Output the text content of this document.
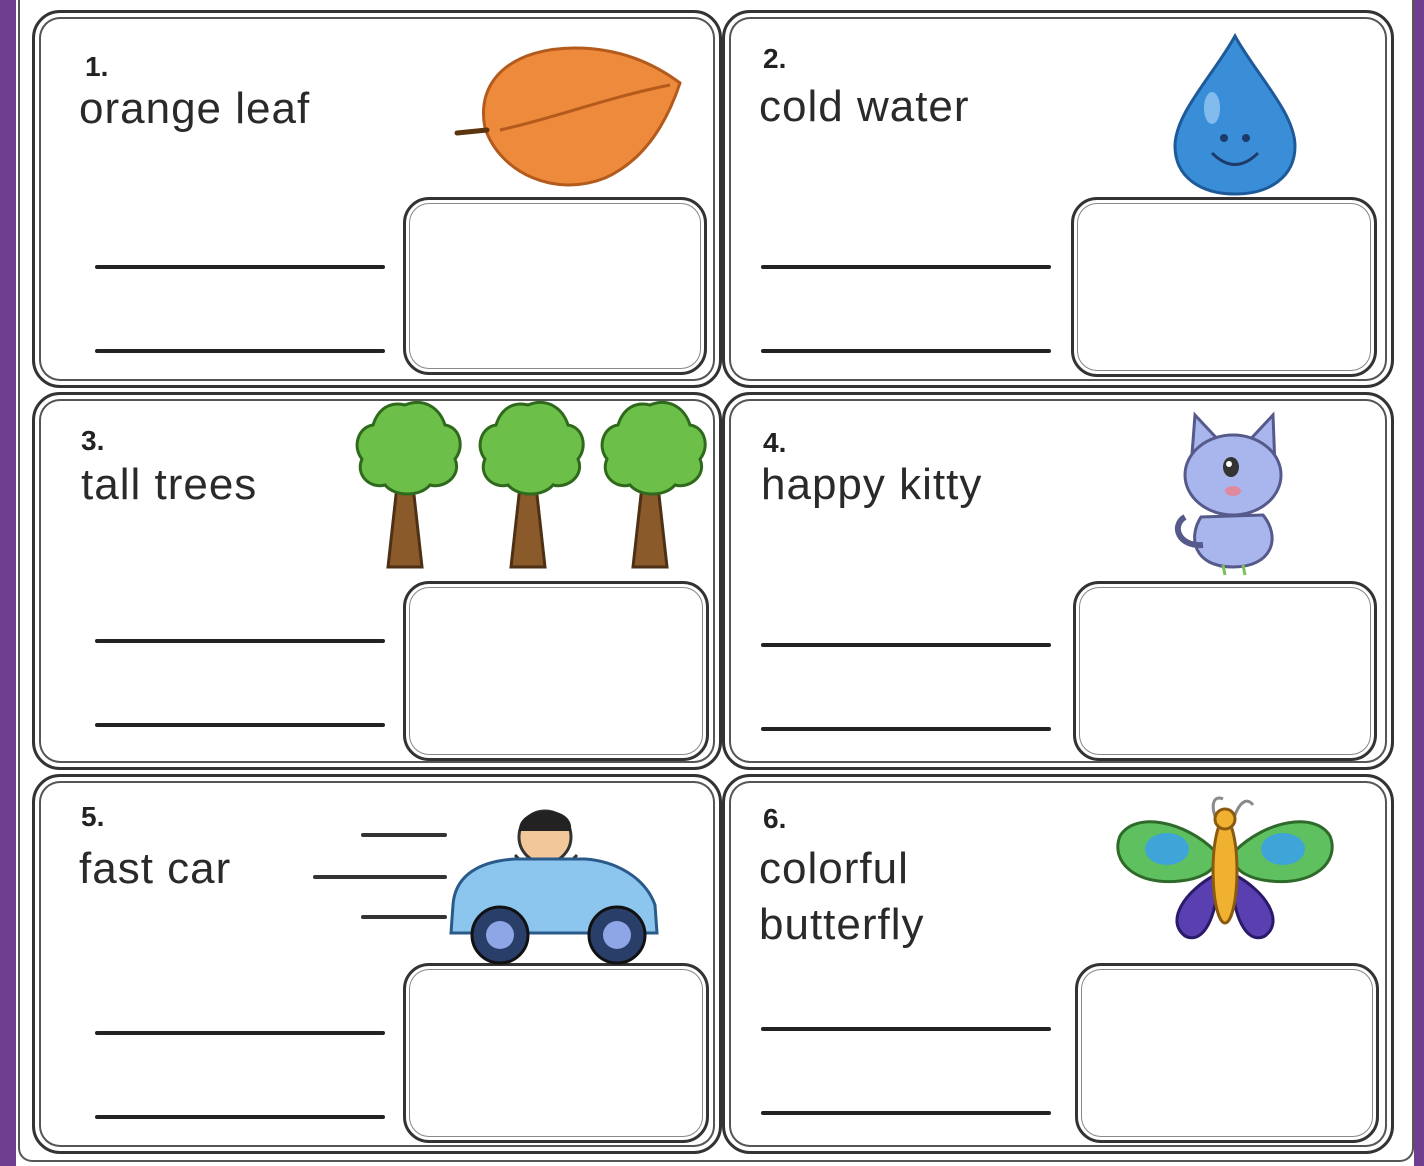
1.
orange leaf
2.
cold water
3.
tall trees
4.
happy kitty
5.
fast car
6.
colorful butterfly
